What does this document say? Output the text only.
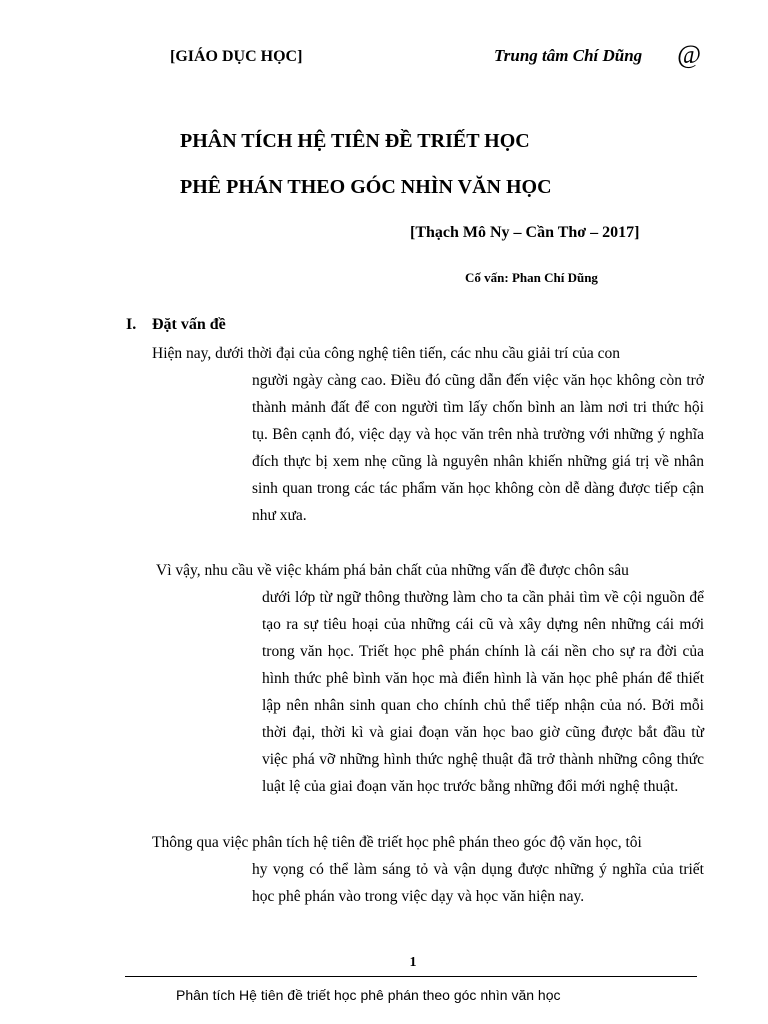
[GIÁO DỤC HỌC]	Trung tâm Chí Dũng @
PHÂN TÍCH HỆ TIÊN ĐỀ TRIẾT HỌC
PHÊ PHÁN THEO GÓC NHÌN VĂN HỌC
[Thạch Mô Ny – Cần Thơ – 2017]
Cố vấn: Phan Chí Dũng
I. Đặt vấn đề
Hiện nay, dưới thời đại của công nghệ tiên tiến, các nhu cầu giải trí của con
người ngày càng cao. Điều đó cũng dẫn đến việc văn học không còn trở thành mảnh đất để con người tìm lấy chốn bình an làm nơi tri thức hội tụ. Bên cạnh đó, việc dạy và học văn trên nhà trường với những ý nghĩa đích thực bị xem nhẹ cũng là nguyên nhân khiến những giá trị về nhân sinh quan trong các tác phẩm văn học không còn dễ dàng được tiếp cận như xưa.
Vì vậy, nhu cầu về việc khám phá bản chất của những vấn đề được chôn sâu
dưới lớp từ ngữ thông thường làm cho ta cần phải tìm về cội nguồn để tạo ra sự tiêu hoại của những cái cũ và xây dựng nên những cái mới trong văn học. Triết học phê phán chính là cái nền cho sự ra đời của hình thức phê bình văn học mà điển hình là văn học phê phán để thiết lập nên nhân sinh quan cho chính chủ thể tiếp nhận của nó. Bởi mỗi thời đại, thời kì và giai đoạn văn học bao giờ cũng được bắt đầu từ việc phá vỡ những hình thức nghệ thuật đã trở thành những công thức luật lệ của giai đoạn văn học trước bằng những đổi mới nghệ thuật.
Thông qua việc phân tích hệ tiên đề triết học phê phán theo góc độ văn học, tôi
hy vọng có thể làm sáng tỏ và vận dụng được những ý nghĩa của triết học phê phán vào trong việc dạy và học văn hiện nay.
1
Phân tích Hệ tiên đề triết học phê phán theo góc nhìn văn học
